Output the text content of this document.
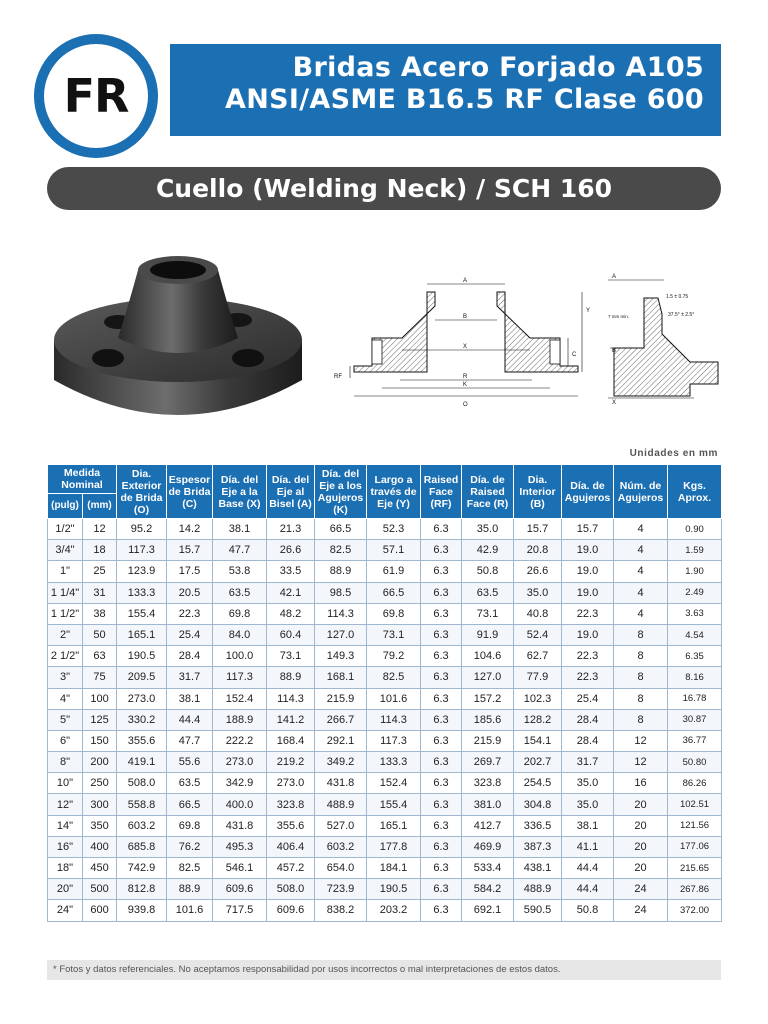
Bridas Acero Forjado A105
ANSI/ASME B16.5 RF Clase 600
FR
Cuello (Welding Neck) / SCH 160
A
B
X
C
Y
RF	R
K
O
A
B
X
1.5 ± 0.75
37.5° ± 2.5°
7 mm min.
Unidades en mm
Medida Nominal		Dia. Exterior de Brida (O)	Espesor de Brida (C)	Día. del Eje a la Base (X)	Día. del Eje al Bisel (A)	Día. del Eje a los Agujeros (K)	Largo a través de Eje (Y)	Raised Face (RF)	Día. de Raised Face (R)	Dia. Interior (B)	Día. de Agujeros	Núm. de Agujeros	Kgs. Aprox.
(pulg)	(mm)												
1/2"	12	95.2	14.2	38.1	21.3	66.5	52.3	6.3	35.0	15.7	15.7	4	0.90
3/4"	18	117.3	15.7	47.7	26.6	82.5	57.1	6.3	42.9	20.8	19.0	4	1.59
1"	25	123.9	17.5	53.8	33.5	88.9	61.9	6.3	50.8	26.6	19.0	4	1.90
1 1/4"	31	133.3	20.5	63.5	42.1	98.5	66.5	6.3	63.5	35.0	19.0	4	2.49
1 1/2"	38	155.4	22.3	69.8	48.2	114.3	69.8	6.3	73.1	40.8	22.3	4	3.63
2"	50	165.1	25.4	84.0	60.4	127.0	73.1	6.3	91.9	52.4	19.0	8	4.54
2 1/2"	63	190.5	28.4	100.0	73.1	149.3	79.2	6.3	104.6	62.7	22.3	8	6.35
3"	75	209.5	31.7	117.3	88.9	168.1	82.5	6.3	127.0	77.9	22.3	8	8.16
4"	100	273.0	38.1	152.4	114.3	215.9	101.6	6.3	157.2	102.3	25.4	8	16.78
5"	125	330.2	44.4	188.9	141.2	266.7	114.3	6.3	185.6	128.2	28.4	8	30.87
6"	150	355.6	47.7	222.2	168.4	292.1	117.3	6.3	215.9	154.1	28.4	12	36.77
8"	200	419.1	55.6	273.0	219.2	349.2	133.3	6.3	269.7	202.7	31.7	12	50.80
10"	250	508.0	63.5	342.9	273.0	431.8	152.4	6.3	323.8	254.5	35.0	16	86.26
12"	300	558.8	66.5	400.0	323.8	488.9	155.4	6.3	381.0	304.8	35.0	20	102.51
14"	350	603.2	69.8	431.8	355.6	527.0	165.1	6.3	412.7	336.5	38.1	20	121.56
16"	400	685.8	76.2	495.3	406.4	603.2	177.8	6.3	469.9	387.3	41.1	20	177.06
18"	450	742.9	82.5	546.1	457.2	654.0	184.1	6.3	533.4	438.1	44.4	20	215.65
20"	500	812.8	88.9	609.6	508.0	723.9	190.5	6.3	584.2	488.9	44.4	24	267.86
24"	600	939.8	101.6	717.5	609.6	838.2	203.2	6.3	692.1	590.5	50.8	24	372.00
* Fotos y datos referenciales. No aceptamos responsabilidad por usos incorrectos o mal interpretaciones de estos datos.
